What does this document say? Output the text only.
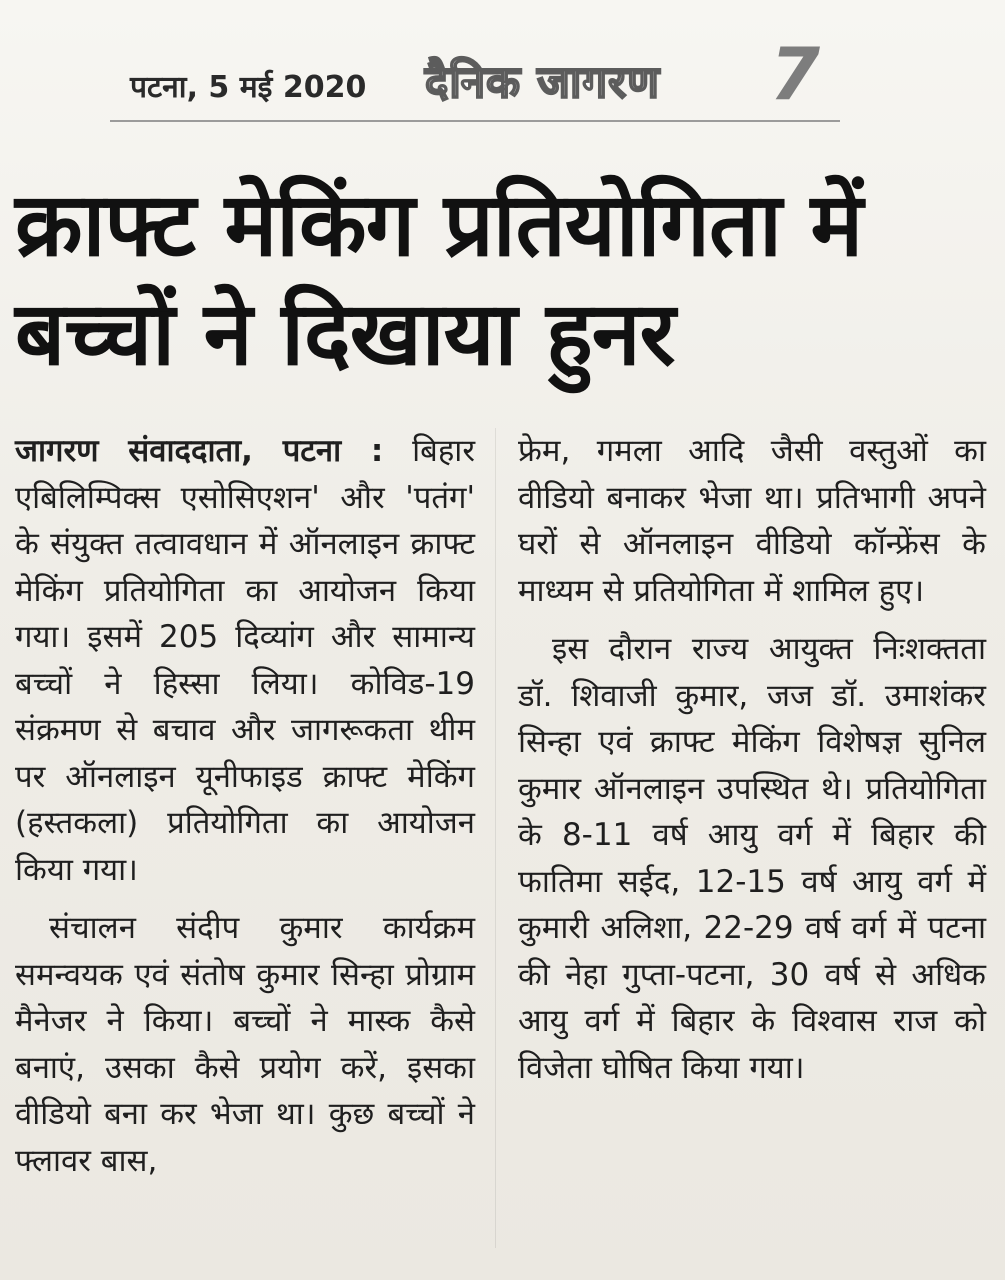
पटना, 5 मई 2020 दैनिक जागरण 7
क्राफ्ट मेकिंग प्रतियोगिता में बच्चों ने दिखाया हुनर

जागरण संवाददाता, पटना : बिहार एबिलिम्पिक्स एसोसिएशन' और 'पतंग' के संयुक्त तत्वावधान में ऑनलाइन क्राफ्ट मेकिंग प्रतियोगिता का आयोजन किया गया। इसमें 205 दिव्यांग और सामान्य बच्चों ने हिस्सा लिया। कोविड-19 संक्रमण से बचाव और जागरूकता थीम पर ऑनलाइन यूनीफाइड क्राफ्ट मेकिंग (हस्तकला) प्रतियोगिता का आयोजन किया गया।

संचालन संदीप कुमार कार्यक्रम समन्वयक एवं संतोष कुमार सिन्हा प्रोग्राम मैनेजर ने किया। बच्चों ने मास्क कैसे बनाएं, उसका कैसे प्रयोग करें, इसका वीडियो बना कर भेजा था। कुछ बच्चों ने फ्लावर बास,

फ्रेम, गमला आदि जैसी वस्तुओं का वीडियो बनाकर भेजा था। प्रतिभागी अपने घरों से ऑनलाइन वीडियो कॉन्फ्रेंस के माध्यम से प्रतियोगिता में शामिल हुए।

इस दौरान राज्य आयुक्त निःशक्तता डॉ. शिवाजी कुमार, जज डॉ. उमाशंकर सिन्हा एवं क्राफ्ट मेकिंग विशेषज्ञ सुनिल कुमार ऑनलाइन उपस्थित थे। प्रतियोगिता के 8-11 वर्ष आयु वर्ग में बिहार की फातिमा सईद, 12-15 वर्ष आयु वर्ग में कुमारी अलिशा, 22-29 वर्ष वर्ग में पटना की नेहा गुप्ता-पटना, 30 वर्ष से अधिक आयु वर्ग में बिहार के विश्वास राज को विजेता घोषित किया गया।
